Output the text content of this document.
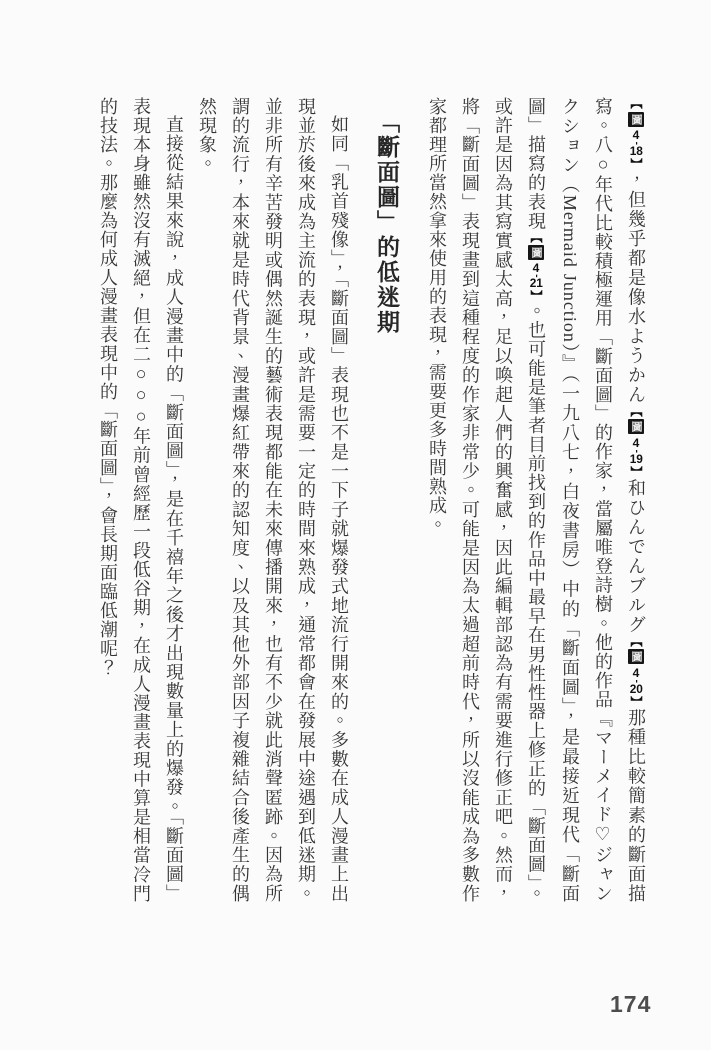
【圖4-18】，但幾乎都是像水ようかん【圖4-19】和ひんでんブルグ【圖4-20】那種比較簡素的斷面描寫。八○年代比較積極運用「斷面圖」的作家，當屬唯登詩樹。他的作品『マーメイド♡ジャンクション（Mermaid Junction）』（一九八七，白夜書房）中的「斷面圖」，是最接近現代「斷面圖」描寫的表現【圖4-21】。也可能是筆者目前找到的作品中最早在男性性器上修正的「斷面圖」。或許是因為其寫實感太高，足以喚起人們的興奮感，因此編輯部認為有需要進行修正吧。然而，將「斷面圖」表現畫到這種程度的作家非常少。可能是因為太過超前時代，所以沒能成為多數作家都理所當然拿來使用的表現，需要更多時間熟成。

「斷面圖」的低迷期

如同「乳首殘像」，「斷面圖」表現也不是一下子就爆發式地流行開來的。多數在成人漫畫上出現並於後來成為主流的表現，或許是需要一定的時間來熟成，通常都會在發展中途遇到低迷期。並非所有辛苦發明或偶然誕生的藝術表現都能在未來傳播開來，也有不少就此消聲匿跡。因為所謂的流行，本來就是時代背景、漫畫爆紅帶來的認知度、以及其他外部因子複雜結合後產生的偶然現象。

直接從結果來說，成人漫畫中的「斷面圖」，是在千禧年之後才出現數量上的爆發。「斷面圖」表現本身雖然沒有滅絕，但在二○○○年前曾經歷一段低谷期，在成人漫畫表現中算是相當冷門的技法。那麼為何成人漫畫表現中的「斷面圖」，會長期面臨低潮呢？

174
